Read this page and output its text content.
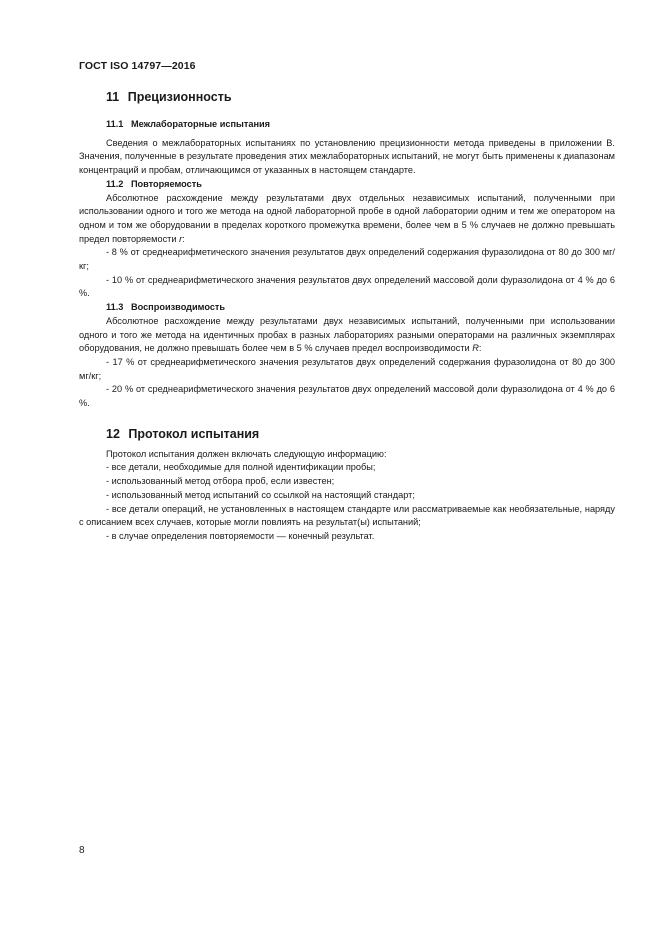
ГОСТ ISO 14797—2016
11 Прецизионность
11.1 Межлабораторные испытания

Сведения о межлабораторных испытаниях по установлению прецизионности метода приведены в приложении В. Значения, полученные в результате проведения этих межлабораторных испытаний, не могут быть применены к диапазонам концентраций и пробам, отличающимся от указанных в настоящем стандарте.

11.2 Повторяемость

Абсолютное расхождение между результатами двух отдельных независимых испытаний, полученными при использовании одного и того же метода на одной лабораторной пробе в одной лаборатории одним и тем же оператором на одном и том же оборудовании в пределах короткого промежутка времени, более чем в 5 % случаев не должно превышать предел повторяемости r:

- 8 % от среднеарифметического значения результатов двух определений содержания фуразолидона от 80 до 300 мг/кг;

- 10 % от среднеарифметического значения результатов двух определений массовой доли фуразолидона от 4 % до 6 %.

11.3 Воспроизводимость

Абсолютное расхождение между результатами двух независимых испытаний, полученными при использовании одного и того же метода на идентичных пробах в разных лабораториях разными операторами на различных экземплярах оборудования, не должно превышать более чем в 5 % случаев предел воспроизводимости R:

- 17 % от среднеарифметического значения результатов двух определений содержания фуразолидона от 80 до 300 мг/кг;

- 20 % от среднеарифметического значения результатов двух определений массовой доли фуразолидона от 4 % до 6 %.

12 Протокол испытания

Протокол испытания должен включать следующую информацию:

- все детали, необходимые для полной идентификации пробы;

- использованный метод отбора проб, если известен;

- использованный метод испытаний со ссылкой на настоящий стандарт;

- все детали операций, не установленных в настоящем стандарте или рассматриваемые как необязательные, наряду с описанием всех случаев, которые могли повлиять на результат(ы) испытаний;

- в случае определения повторяемости — конечный результат.

8
